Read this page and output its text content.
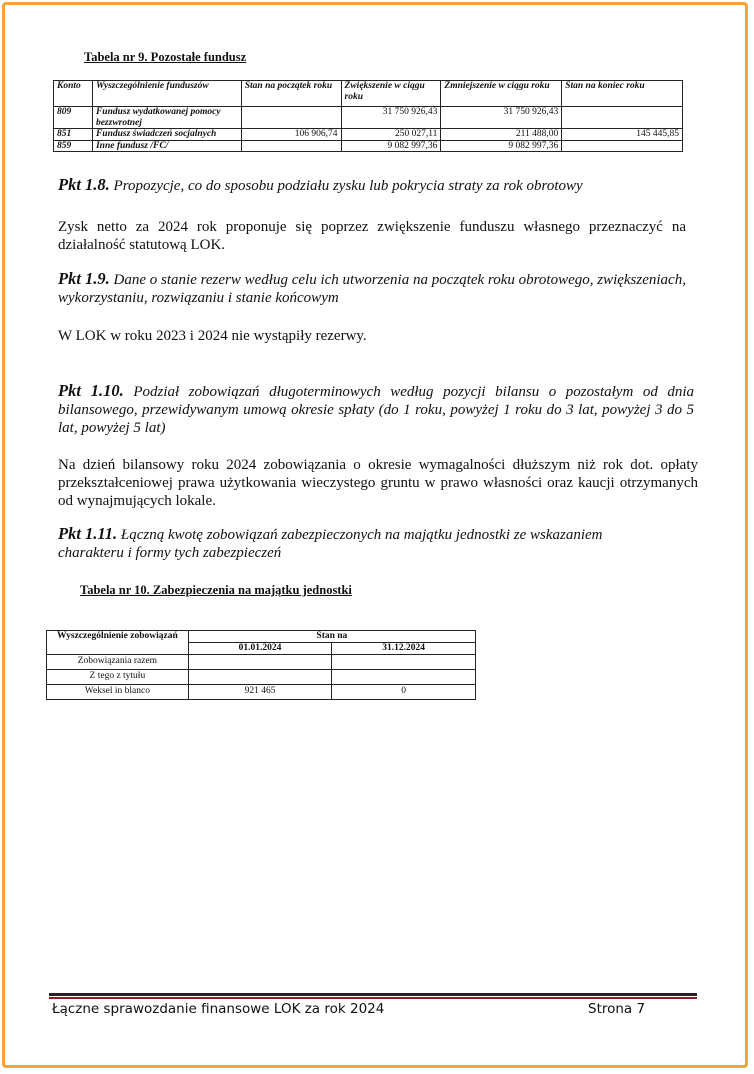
Tabela nr 9. Pozostałe fundusz
Konto	Wyszczególnienie funduszów	Stan na początek roku	Zwiększenie w ciągu roku	Zmniejszenie w ciągu roku	Stan na koniec roku
809	Fundusz wydatkowanej pomocy bezzwrotnej		31 750 926,43	31 750 926,43	
851	Fundusz świadczeń socjalnych	106 906,74	250 027,11	211 488,00	145 445,85
859	Inne fundusz /FC/		9 082 997,36	9 082 997,36	
Pkt 1.8. Propozycje, co do sposobu podziału zysku lub pokrycia straty za rok obrotowy
Zysk netto za 2024 rok proponuje się poprzez zwiększenie funduszu własnego przeznaczyć na działalność statutową LOK.
Pkt 1.9. Dane o stanie rezerw według celu ich utworzenia na początek roku obrotowego, zwiększeniach, wykorzystaniu, rozwiązaniu i stanie końcowym
W LOK w roku 2023 i 2024 nie wystąpiły rezerwy.
Pkt 1.10. Podział zobowiązań długoterminowych według pozycji bilansu o pozostałym od dnia bilansowego, przewidywanym umową okresie spłaty (do 1 roku, powyżej 1 roku do 3 lat, powyżej 3 do 5 lat, powyżej 5 lat)
Na dzień bilansowy roku 2024 zobowiązania o okresie wymagalności dłuższym niż rok dot. opłaty przekształceniowej prawa użytkowania wieczystego gruntu w prawo własności oraz kaucji otrzymanych od wynajmujących lokale.
Pkt 1.11. Łączną kwotę zobowiązań zabezpieczonych na majątku jednostki ze wskazaniem charakteru i formy tych zabezpieczeń
Tabela nr 10. Zabezpieczenia na majątku jednostki
Wyszczególnienie zobowiązań	Stan na	
	01.01.2024	31.12.2024
Zobowiązania razem		
Z tego z tytułu		
Weksel in blanco	921 465	0
Łączne sprawozdanie finansowe LOK za rok 2024	Strona 7
